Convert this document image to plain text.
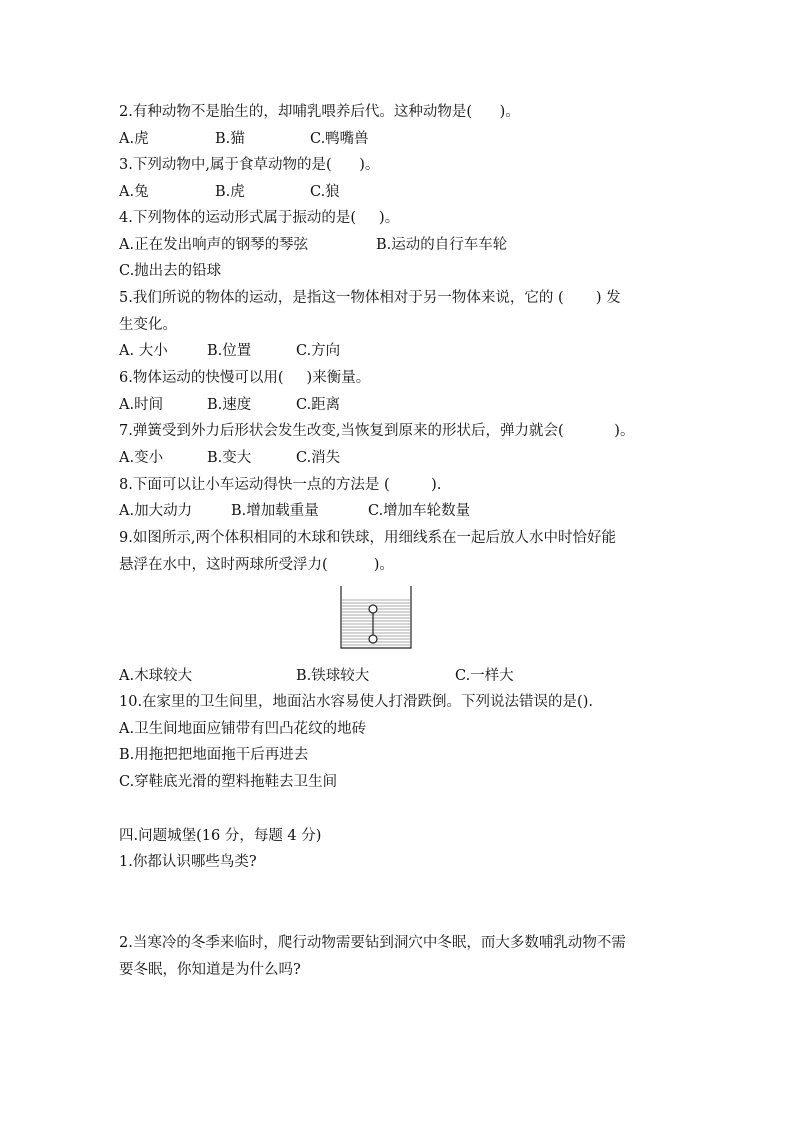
2.有种动物不是胎生的，却哺乳喂养后代。这种动物是(      )。
A.虎	B.猫	C.鸭嘴兽
3.下列动物中,属于食草动物的是(      )。
A.兔	B.虎	C.狼
4.下列物体的运动形式属于振动的是(     )。
A.正在发出响声的钢琴的琴弦	B.运动的自行车车轮
C.抛出去的铅球
5.我们所说的物体的运动，是指这一物体相对于另一物体来说，它的 (       ) 发
生变化。
A. 大小	B.位置	C.方向
6.物体运动的快慢可以用(     )来衡量。
A.时间	B.速度	C.距离
7.弹簧受到外力后形状会发生改变,当恢复到原来的形状后，弹力就会(           )。
A.变小	B.变大	C.消失
8.下面可以让小车运动得快一点的方法是 (         ).
A.加大动力	B.增加载重量	C.增加车轮数量
9.如图所示,两个体积相同的木球和铁球，用细线系在一起后放人水中时恰好能
悬浮在水中，这时两球所受浮力(          )。
A.木球较大	B.铁球较大	C.一样大
10.在家里的卫生间里，地面沾水容易使人打滑跌倒。下列说法错误的是().
A.卫生间地面应铺带有凹凸花纹的地砖
B.用拖把把地面拖干后再进去
C.穿鞋底光滑的塑料拖鞋去卫生间
四.问题城堡(16 分，每题 4 分)
1.你都认识哪些鸟类?
2.当寒冷的冬季来临时，爬行动物需要钻到洞穴中冬眠，而大多数哺乳动物不需
要冬眠，你知道是为什么吗?
